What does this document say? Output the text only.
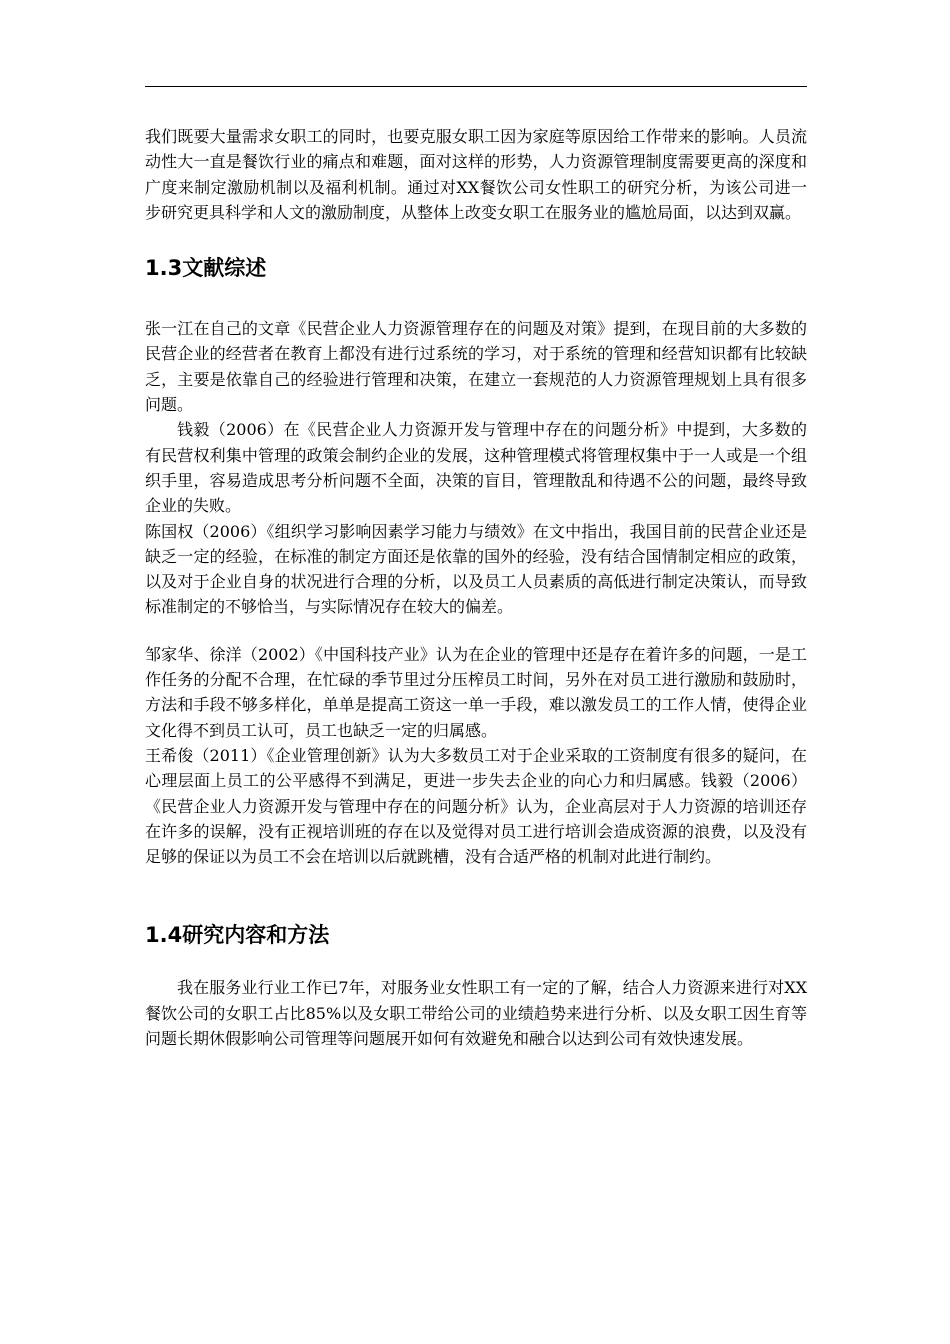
我们既要大量需求女职工的同时，也要克服女职工因为家庭等原因给工作带来的影响。人员流动性大一直是餐饮行业的痛点和难题，面对这样的形势，人力资源管理制度需要更高的深度和广度来制定激励机制以及福利机制。通过对XX餐饮公司女性职工的研究分析，为该公司进一步研究更具科学和人文的激励制度，从整体上改变女职工在服务业的尴尬局面，以达到双赢。

1.3文献综述

张一江在自己的文章《民营企业人力资源管理存在的问题及对策》提到，在现目前的大多数的民营企业的经营者在教育上都没有进行过系统的学习，对于系统的管理和经营知识都有比较缺乏，主要是依靠自己的经验进行管理和决策，在建立一套规范的人力资源管理规划上具有很多问题。

钱毅（2006）在《民营企业人力资源开发与管理中存在的问题分析》中提到，大多数的有民营权利集中管理的政策会制约企业的发展，这种管理模式将管理权集中于一人或是一个组织手里，容易造成思考分析问题不全面，决策的盲目，管理散乱和待遇不公的问题，最终导致企业的失败。

陈国权（2006）《组织学习影响因素学习能力与绩效》在文中指出，我国目前的民营企业还是缺乏一定的经验，在标准的制定方面还是依靠的国外的经验，没有结合国情制定相应的政策，以及对于企业自身的状况进行合理的分析，以及员工人员素质的高低进行制定决策认，而导致标准制定的不够恰当，与实际情况存在较大的偏差。

邹家华、徐洋（2002）《中国科技产业》认为在企业的管理中还是存在着许多的问题，一是工作任务的分配不合理，在忙碌的季节里过分压榨员工时间，另外在对员工进行激励和鼓励时，方法和手段不够多样化，单单是提高工资这一单一手段，难以激发员工的工作人情，使得企业文化得不到员工认可，员工也缺乏一定的归属感。

王希俊（2011）《企业管理创新》认为大多数员工对于企业采取的工资制度有很多的疑问，在心理层面上员工的公平感得不到满足，更进一步失去企业的向心力和归属感。钱毅（2006）《民营企业人力资源开发与管理中存在的问题分析》认为，企业高层对于人力资源的培训还存在许多的误解，没有正视培训班的存在以及觉得对员工进行培训会造成资源的浪费，以及没有足够的保证以为员工不会在培训以后就跳槽，没有合适严格的机制对此进行制约。

1.4研究内容和方法

我在服务业行业工作已7年，对服务业女性职工有一定的了解，结合人力资源来进行对XX餐饮公司的女职工占比85%以及女职工带给公司的业绩趋势来进行分析、以及女职工因生育等问题长期休假影响公司管理等问题展开如何有效避免和融合以达到公司有效快速发展。
